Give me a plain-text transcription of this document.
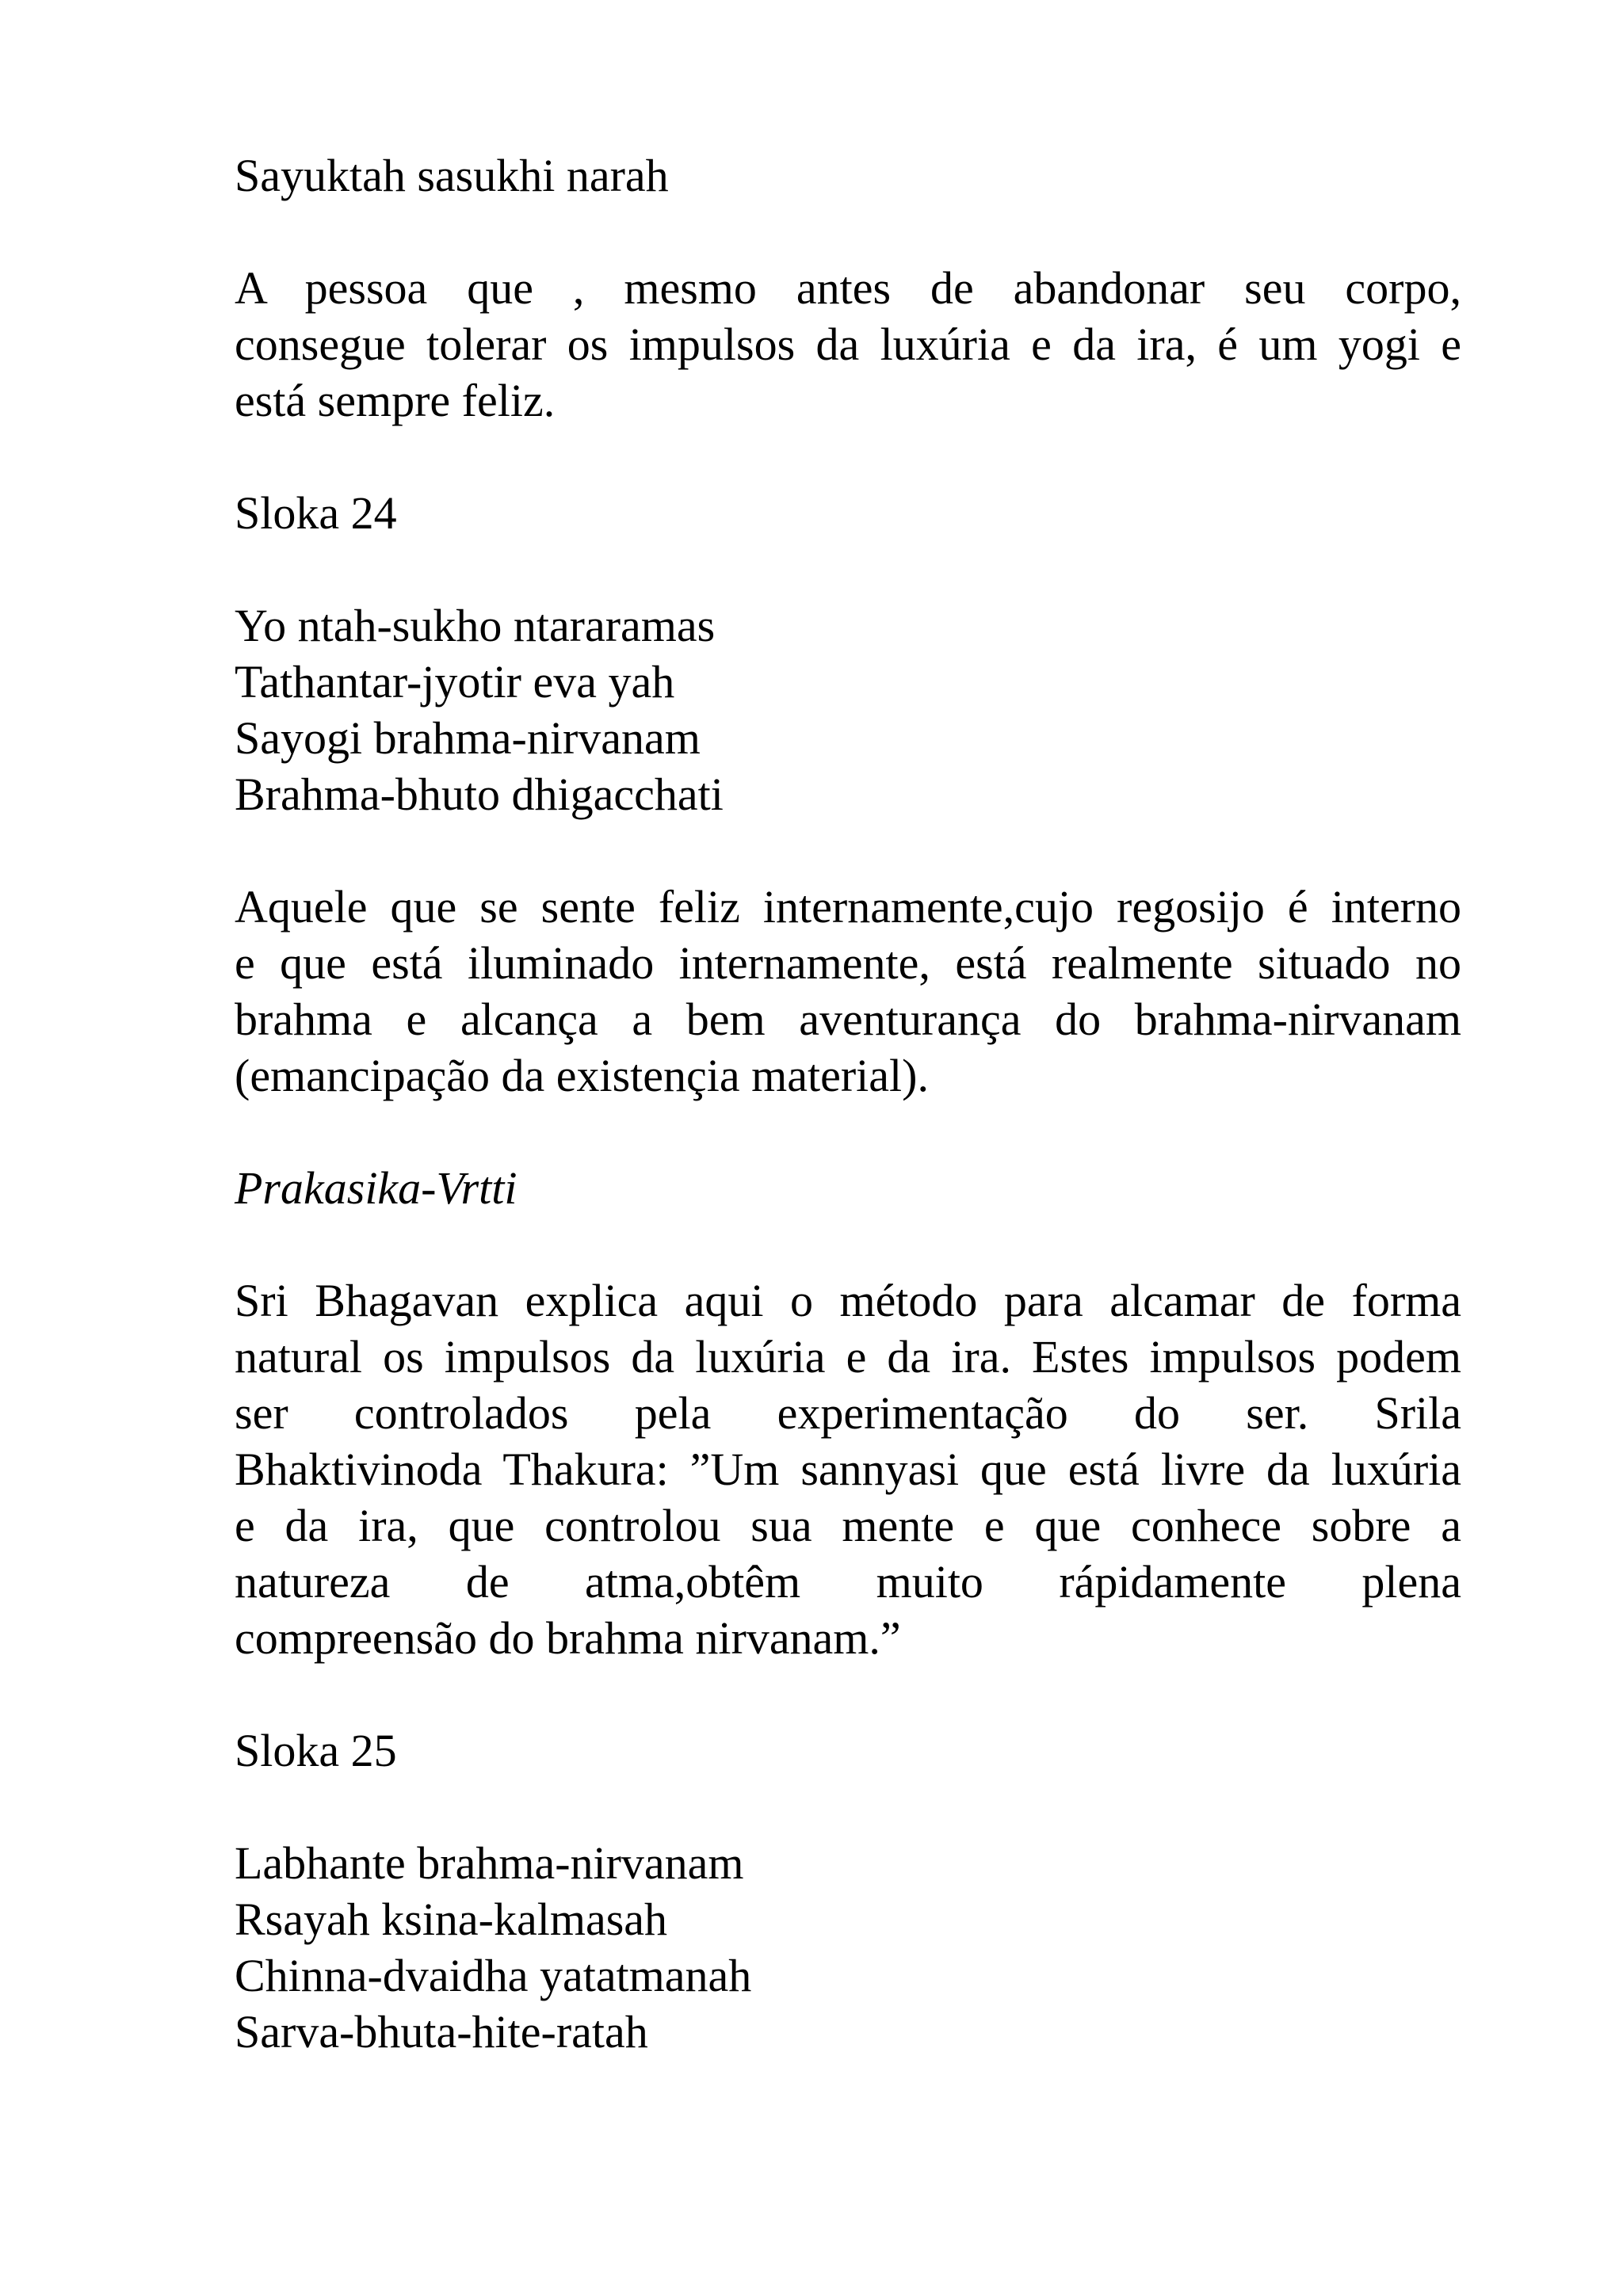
Sayuktah sasukhi narah
A pessoa que , mesmo antes de abandonar seu corpo,
consegue tolerar os impulsos da luxúria e da ira, é um yogi e
está sempre feliz.
Sloka 24
Yo ntah-sukho ntararamas
Tathantar-jyotir eva yah
Sayogi brahma-nirvanam
Brahma-bhuto dhigacchati
Aquele que se sente feliz internamente,cujo regosijo é interno
e que está iluminado internamente, está realmente situado no
brahma e alcança a bem aventurança do brahma-nirvanam
(emancipação da existençia material).
Prakasika-Vrtti
Sri Bhagavan explica aqui o método para alcamar de forma
natural os impulsos da luxúria e da ira. Estes impulsos podem
ser controlados pela experimentação do ser. Srila
Bhaktivinoda Thakura: ”Um sannyasi que está livre da luxúria
e da ira, que controlou sua mente e que conhece sobre a
natureza de atma,obtêm muito rápidamente plena
compreensão do brahma nirvanam.”
Sloka 25
Labhante brahma-nirvanam
Rsayah ksina-kalmasah
Chinna-dvaidha yatatmanah
Sarva-bhuta-hite-ratah
